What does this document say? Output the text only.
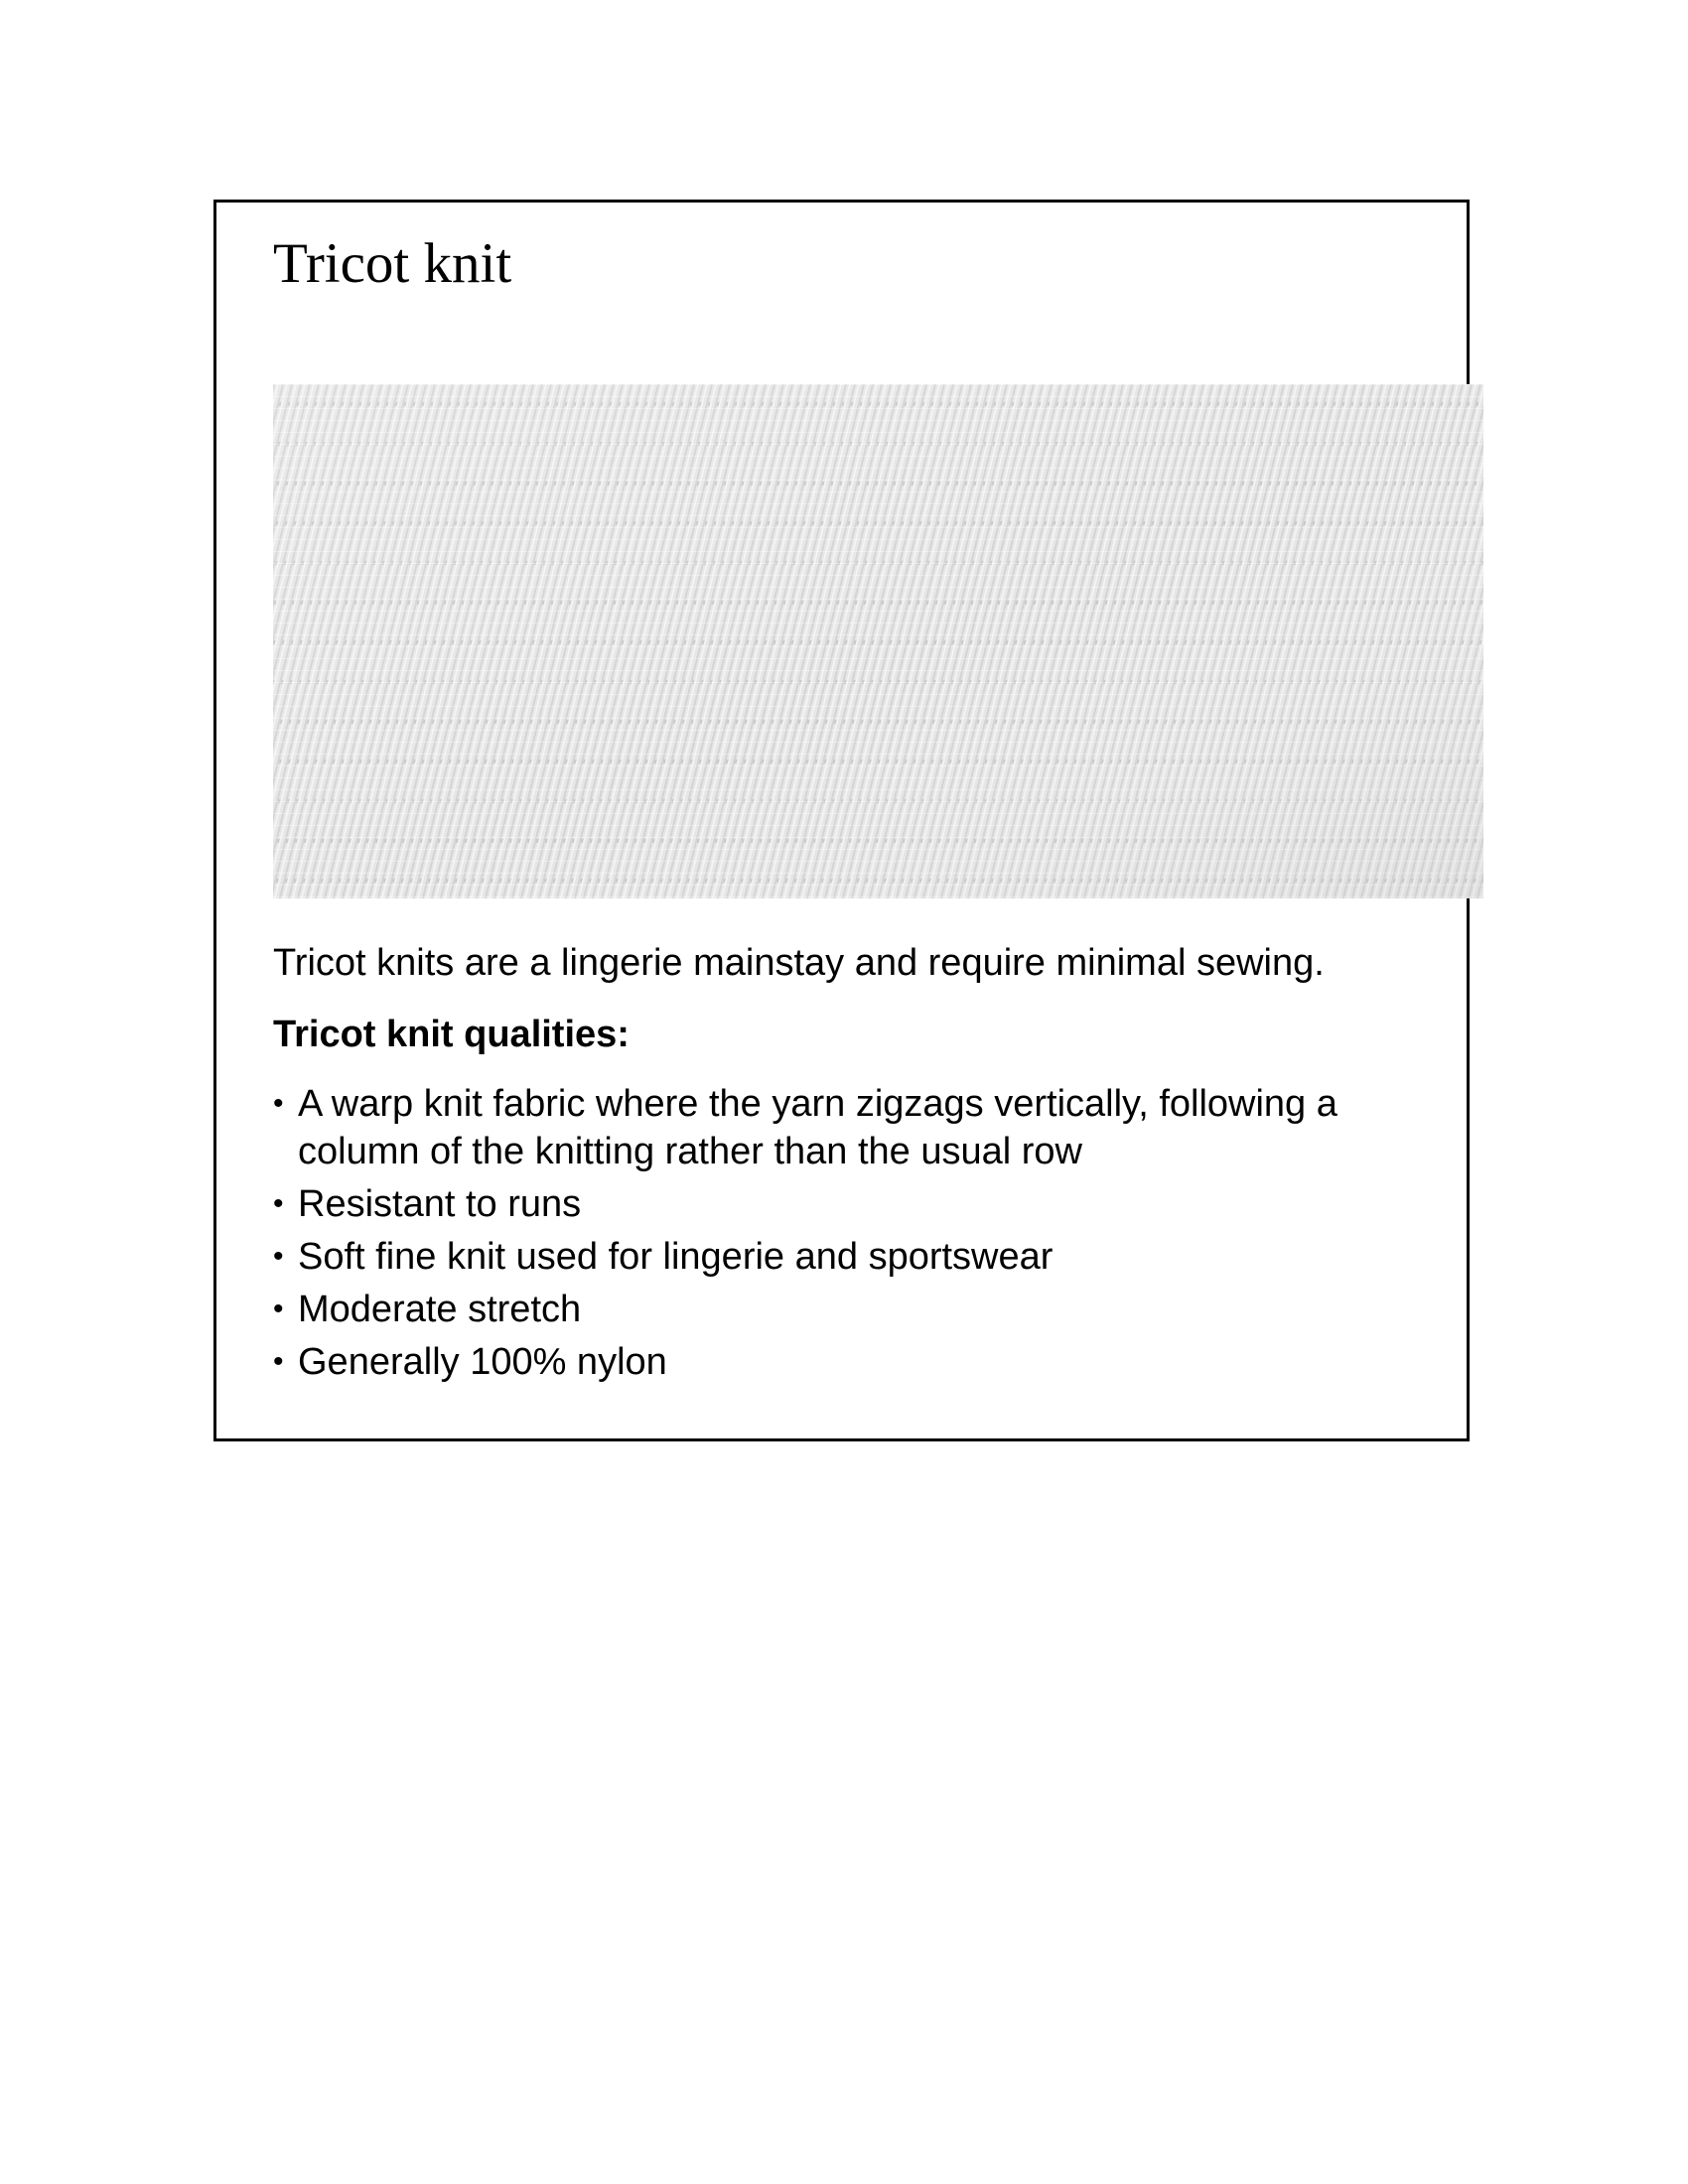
Tricot knit

Tricot knits are a lingerie mainstay and require minimal sewing.

Tricot knit qualities:

• A warp knit fabric where the yarn zigzags vertically, following a column of the knitting rather than the usual row
• Resistant to runs
• Soft fine knit used for lingerie and sportswear
• Moderate stretch
• Generally 100% nylon
